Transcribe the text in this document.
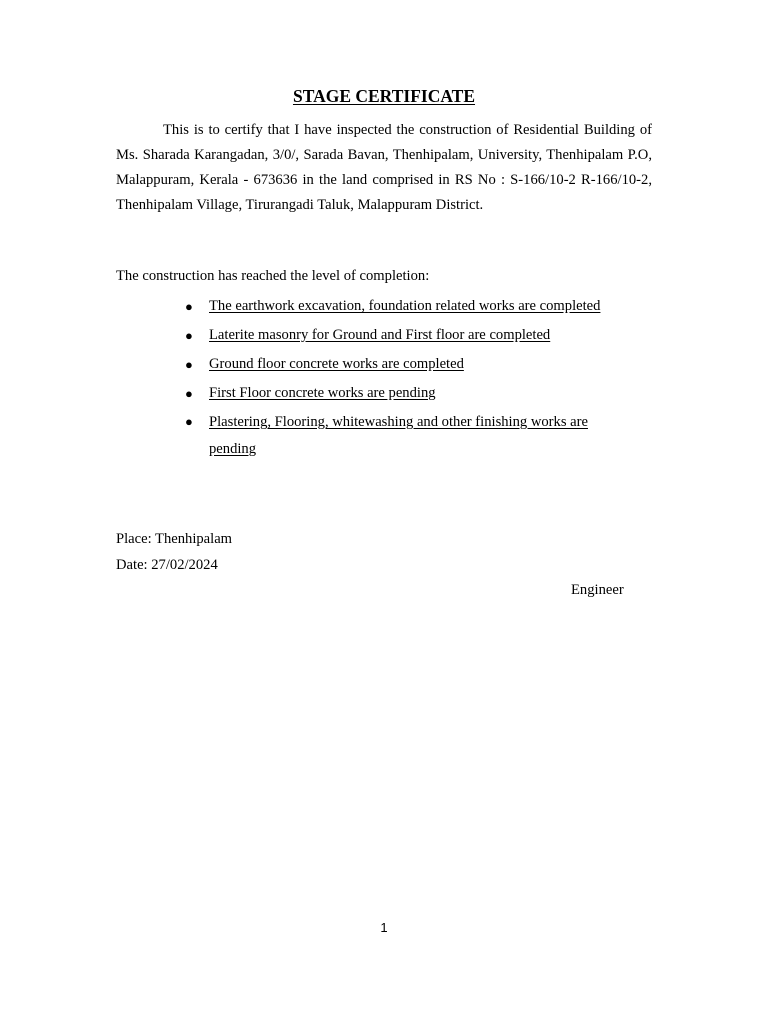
STAGE CERTIFICATE

This is to certify that I have inspected the construction of Residential Building of Ms. Sharada Karangadan, 3/0/, Sarada Bavan, Thenhipalam, University, Thenhipalam P.O, Malappuram, Kerala - 673636 in the land comprised in RS No : S-166/10-2 R-166/10-2, Thenhipalam Village, Tirurangadi Taluk, Malappuram District.

The construction has reached the level of completion:

● The earthwork excavation, foundation related works are completed
● Laterite masonry for Ground and First floor are completed
● Ground floor concrete works are completed
● First Floor concrete works are pending
● Plastering, Flooring, whitewashing and other finishing works are pending

Place: Thenhipalam

Date: 27/02/2024

Engineer

1
